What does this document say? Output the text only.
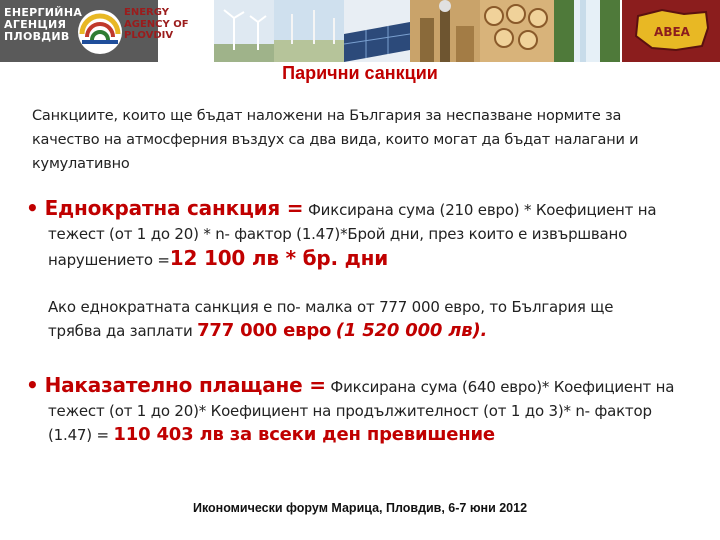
ЕНЕРГИЙНА
АГЕНЦИЯ
ПЛОВДИВ
ENERGY
AGENCY OF
PLOVDIV	ABEA
Парични санкции
Санкциите, които ще бъдат наложени на България за неспазване нормите за качество на атмосферния въздух са два вида, които могат да бъдат налагани и кумулативно
• Еднократна санкция = Фиксирана сума (210 евро) * Коефициент на
тежест (от 1 до 20) * n- фактор (1.47)*Брой дни, през които е извършвано
нарушението =12 100 лв * бр. дни
Ако еднократната санкция е по- малка от 777 000 евро, то България ще
трябва да заплати 777 000 евро (1 520 000 лв).
• Наказателно плащане = Фиксирана сума (640 евро)* Коефициент на
тежест (от 1 до 20)* Коефициент на продължителност (от 1 до 3)* n- фактор
(1.47) = 110 403 лв за всеки ден превишение
Икономически форум Марица, Пловдив, 6-7 юни 2012
